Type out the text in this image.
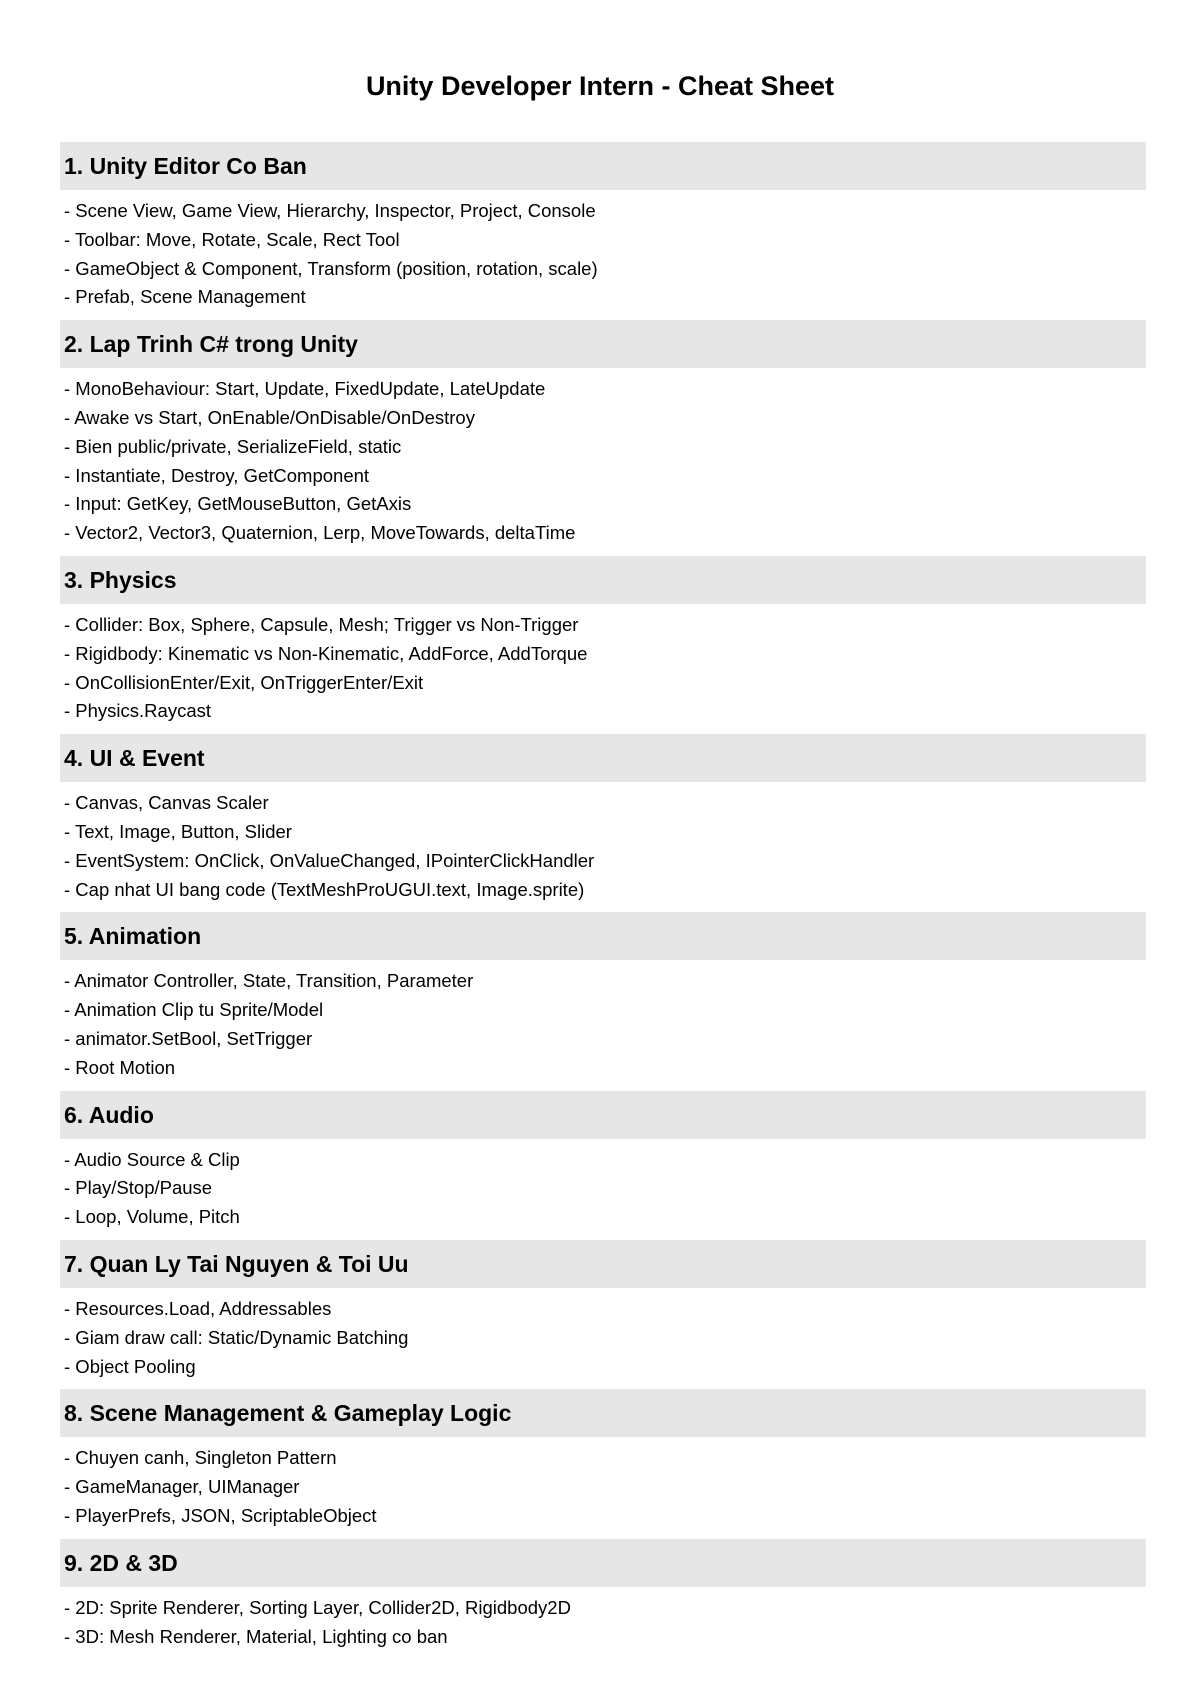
Unity Developer Intern - Cheat Sheet
1. Unity Editor Co Ban
- Scene View, Game View, Hierarchy, Inspector, Project, Console
- Toolbar: Move, Rotate, Scale, Rect Tool
- GameObject & Component, Transform (position, rotation, scale)
- Prefab, Scene Management
2. Lap Trinh C# trong Unity
- MonoBehaviour: Start, Update, FixedUpdate, LateUpdate
- Awake vs Start, OnEnable/OnDisable/OnDestroy
- Bien public/private, SerializeField, static
- Instantiate, Destroy, GetComponent
- Input: GetKey, GetMouseButton, GetAxis
- Vector2, Vector3, Quaternion, Lerp, MoveTowards, deltaTime
3. Physics
- Collider: Box, Sphere, Capsule, Mesh; Trigger vs Non-Trigger
- Rigidbody: Kinematic vs Non-Kinematic, AddForce, AddTorque
- OnCollisionEnter/Exit, OnTriggerEnter/Exit
- Physics.Raycast
4. UI & Event
- Canvas, Canvas Scaler
- Text, Image, Button, Slider
- EventSystem: OnClick, OnValueChanged, IPointerClickHandler
- Cap nhat UI bang code (TextMeshProUGUI.text, Image.sprite)
5. Animation
- Animator Controller, State, Transition, Parameter
- Animation Clip tu Sprite/Model
- animator.SetBool, SetTrigger
- Root Motion
6. Audio
- Audio Source & Clip
- Play/Stop/Pause
- Loop, Volume, Pitch
7. Quan Ly Tai Nguyen & Toi Uu
- Resources.Load, Addressables
- Giam draw call: Static/Dynamic Batching
- Object Pooling
8. Scene Management & Gameplay Logic
- Chuyen canh, Singleton Pattern
- GameManager, UIManager
- PlayerPrefs, JSON, ScriptableObject
9. 2D & 3D
- 2D: Sprite Renderer, Sorting Layer, Collider2D, Rigidbody2D
- 3D: Mesh Renderer, Material, Lighting co ban
